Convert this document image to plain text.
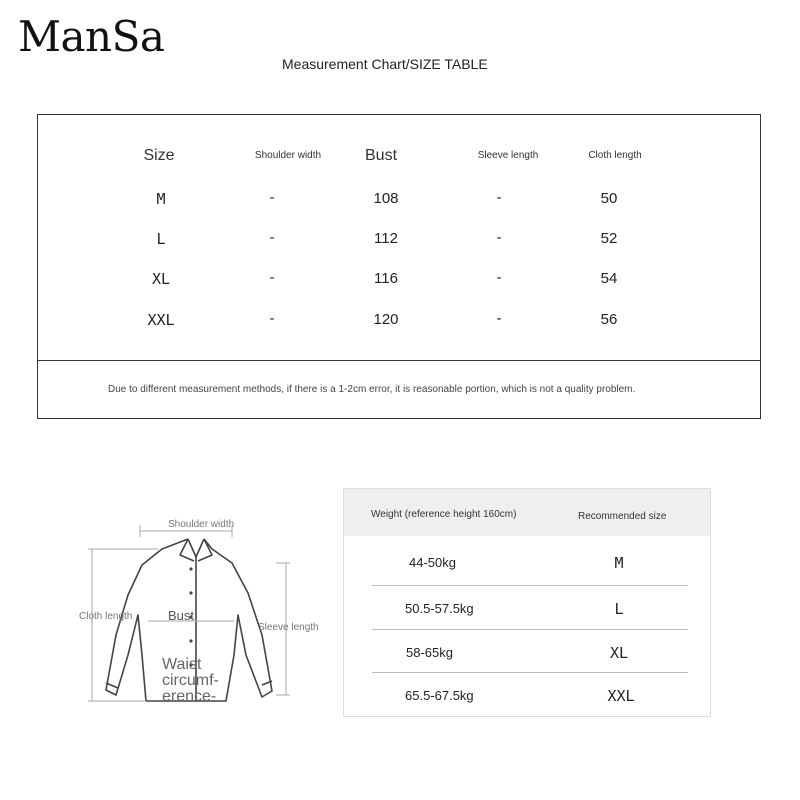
ManSa
Measurement Chart/SIZE TABLE
Size	Shoulder width	Bust	Sleeve length	Cloth length
M	-	108	-	50
L	-	112	-	52
XL	-	116	-	54
XXL	-	120	-	56
Due to different measurement methods, if there is a 1-2cm error, it is reasonable portion, which is not a quality problem.
Shoulder width
Bust
Cloth length
Sleeve length
Waist
circumf-
erence-
Weight (reference height 160cm)	Recommended size
44-50kg	M
50.5-57.5kg	L
58-65kg	XL
65.5-67.5kg	XXL
